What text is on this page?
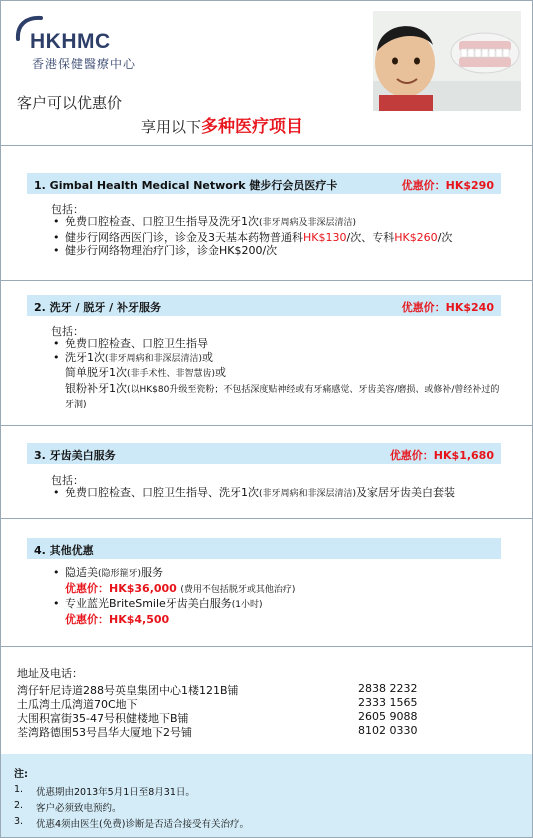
HKHMC
香港保健醫療中心
客户可以优惠价
享用以下多种医疗项目
1. Gimbal Health Medical Network 健步行会员医疗卡	优惠价：HK$290
包括：
• 免费口腔检查、口腔卫生指导及洗牙1次(非牙周病及非深层清洁)
• 健步行网络西医门诊，诊金及3天基本药物普通科HK$130/次、专科HK$260/次
• 健步行网络物理治疗门诊，诊金HK$200/次
2. 洗牙 / 脱牙 / 补牙服务	优惠价：HK$240
包括：
• 免费口腔检查、口腔卫生指导
• 洗牙1次(非牙周病和非深层清洁)或
简单脱牙1次(非手术性、非智慧齿)或
银粉补牙1次(以HK$80升级至瓷粉；不包括深度贴神经或有牙痛感觉、牙齿美容/磨损、或修补/曾经补过的牙洞)
3. 牙齿美白服务	优惠价：HK$1,680
包括：
• 免费口腔检查、口腔卫生指导、洗牙1次(非牙周病和非深层清洁)及家居牙齿美白套装
4. 其他优惠
• 隐适美(隐形箍牙)服务
优惠价：HK$36,000 (费用不包括脱牙或其他治疗)
• 专业蓝光BriteSmile牙齿美白服务(1小时)
优惠价：HK$4,500
地址及电话：
湾仔轩尼诗道288号英皇集团中心1楼121B铺	2838 2232
土瓜湾土瓜湾道70C地下	2333 1565
大围积富街35-47号积健楼地下B铺	2605 9088
荃湾路德围53号昌华大厦地下2号铺	8102 0330
注:
1. 优惠期由2013年5月1日至8月31日。
2. 客户必须致电预约。
3. 优惠4须由医生(免费)诊断是否适合接受有关治疗。
